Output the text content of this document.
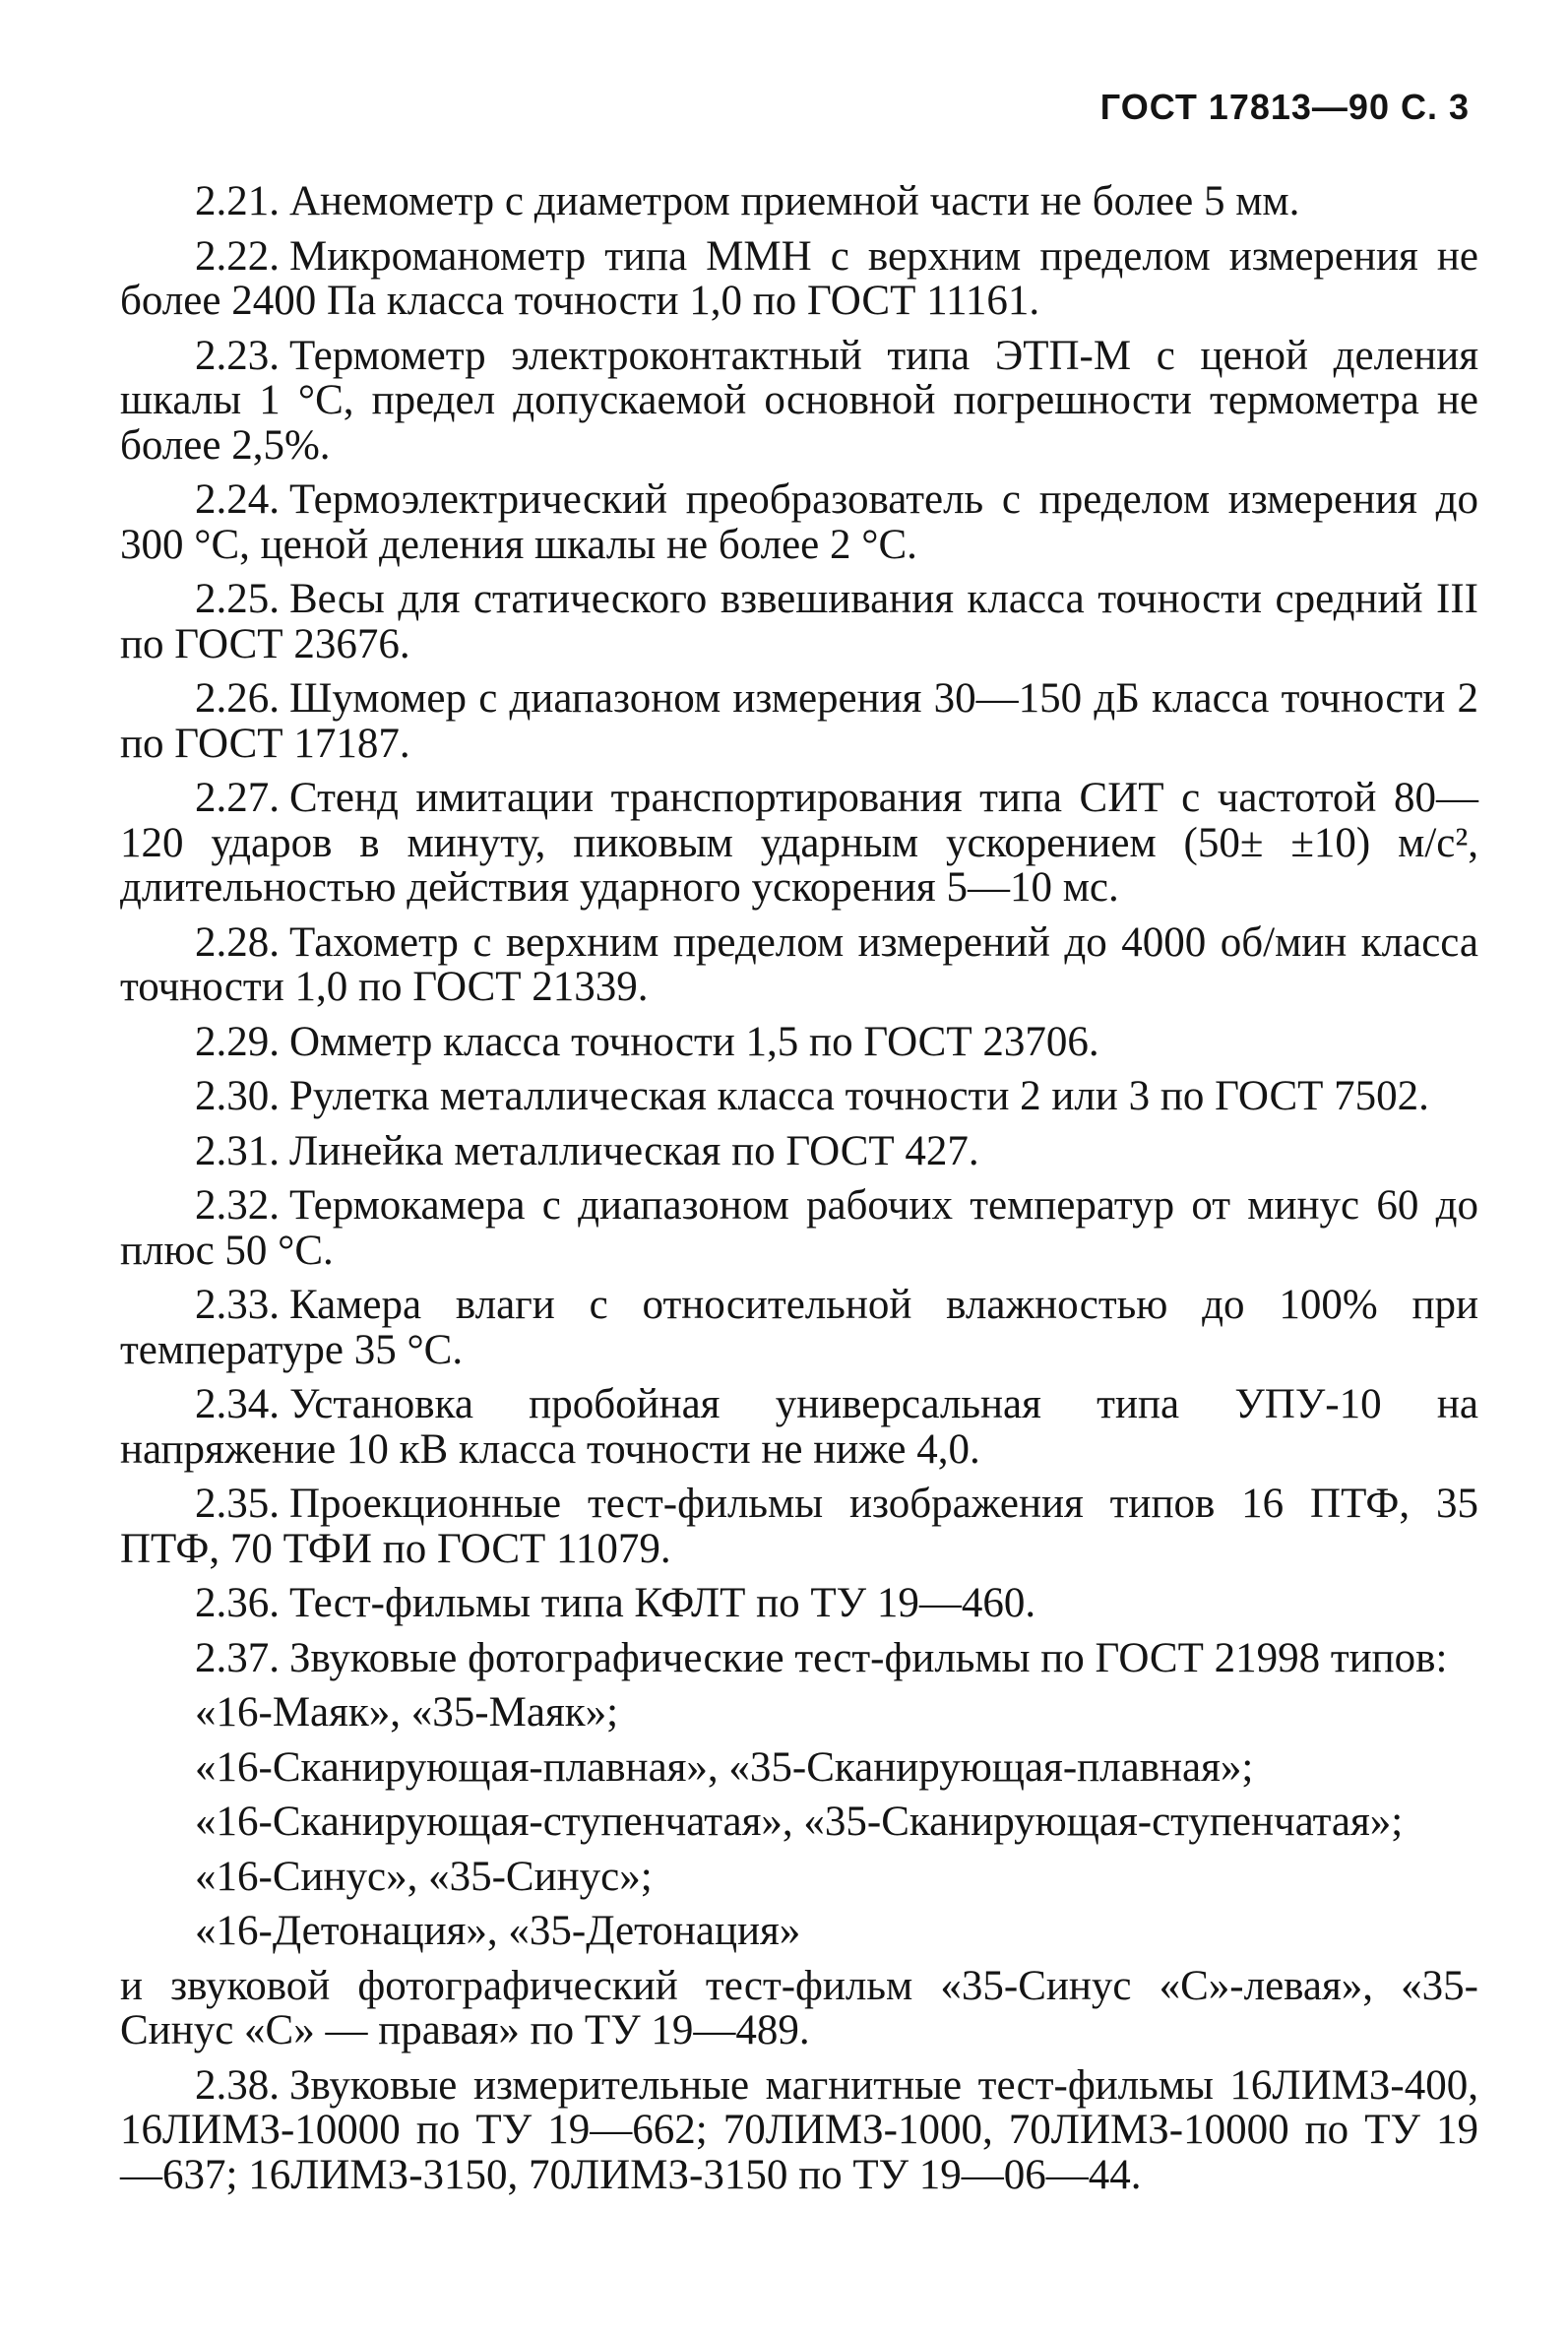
ГОСТ 17813—90 С. 3

2.21. Анемометр с диаметром приемной части не более 5 мм.

2.22. Микроманометр типа ММН с верхним пределом измерения не более 2400 Па класса точности 1,0 по ГОСТ 11161.

2.23. Термометр электроконтактный типа ЭТП-М с ценой деления шкалы 1 °С, предел допускаемой основной погрешности термометра не более 2,5%.

2.24. Термоэлектрический преобразователь с пределом измерения до 300 °С, ценой деления шкалы не более 2 °С.

2.25. Весы для статического взвешивания класса точности средний III по ГОСТ 23676.

2.26. Шумомер с диапазоном измерения 30—150 дБ класса точности 2 по ГОСТ 17187.

2.27. Стенд имитации транспортирования типа СИТ с частотой 80—120 ударов в минуту, пиковым ударным ускорением (50± ±10) м/с², длительностью действия ударного ускорения 5—10 мс.

2.28. Тахометр с верхним пределом измерений до 4000 об/мин класса точности 1,0 по ГОСТ 21339.

2.29. Омметр класса точности 1,5 по ГОСТ 23706.

2.30. Рулетка металлическая класса точности 2 или 3 по ГОСТ 7502.

2.31. Линейка металлическая по ГОСТ 427.

2.32. Термокамера с диапазоном рабочих температур от минус 60 до плюс 50 °С.

2.33. Камера влаги с относительной влажностью до 100% при температуре 35 °С.

2.34. Установка пробойная универсальная типа УПУ-10 на напряжение 10 кВ класса точности не ниже 4,0.

2.35. Проекционные тест-фильмы изображения типов 16 ПТФ, 35 ПТФ, 70 ТФИ по ГОСТ 11079.

2.36. Тест-фильмы типа КФЛТ по ТУ 19—460.

2.37. Звуковые фотографические тест-фильмы по ГОСТ 21998 типов:

«16-Маяк», «35-Маяк»;

«16-Сканирующая-плавная», «35-Сканирующая-плавная»;

«16-Сканирующая-ступенчатая», «35-Сканирующая-ступенчатая»;

«16-Синус», «35-Синус»;

«16-Детонация», «35-Детонация»

и звуковой фотографический тест-фильм «35-Синус «С»-левая», «35-Синус «С» — правая» по ТУ 19—489.

2.38. Звуковые измерительные магнитные тест-фильмы 16ЛИМЗ-400, 16ЛИМЗ-10000 по ТУ 19—662; 70ЛИМЗ-1000, 70ЛИМЗ-10000 по ТУ 19—637; 16ЛИМЗ-3150, 70ЛИМЗ-3150 по ТУ 19—06—44.
